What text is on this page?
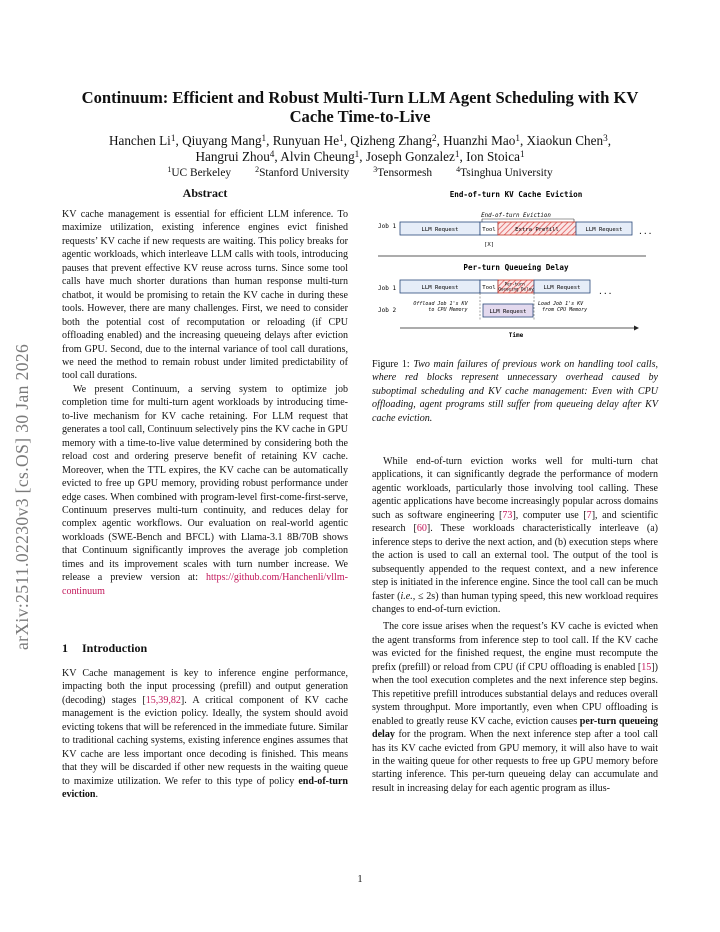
arXiv:2511.02230v3 [cs.OS] 30 Jan 2026
Continuum: Efficient and Robust Multi-Turn LLM Agent Scheduling with KV Cache Time-to-Live
Hanchen Li$^1$, Qiuyang Mang$^1$, Runyuan He$^1$, Qizheng Zhang$^2$, Huanzhi Mao$^1$, Xiaokun Chen$^3$,
Hangrui Zhou$^4$, Alvin Cheung$^1$, Joseph Gonzalez$^1$, Ion Stoica$^1$
$^1$UC Berkeley	$^2$Stanford University	$^3$Tensormesh	$^4$Tsinghua University
Abstract

KV cache management is essential for efficient LLM inference. To maximize utilization, existing inference engines evict finished requests’ KV cache if new requests are waiting. This policy breaks for agentic workloads, which interleave LLM calls with tools, introducing pauses that prevent effective KV reuse across turns. Since some tool calls have much shorter durations than human response multi-turn chatbot, it would be promising to retain the KV cache in during these tools. However, there are many challenges. First, we need to consider both the potential cost of recomputation or reloading (if CPU offloading enabled) and the increasing queueing delays after eviction from GPU. Second, due to the internal variance of tool call durations, we need the method to remain robust under limited predictability of tool call durations.

We present Continuum, a serving system to optimize job completion time for multi-turn agent workloads by introducing time-to-live mechanism for KV cache retaining. For LLM request that generates a tool call, Continuum selectively pins the KV cache in GPU memory with a time-to-live value determined by considering both the reload cost and ordering preserve benefit of retaining KV cache. Moreover, when the TTL expires, the KV cache can be automatically evicted to free up GPU memory, providing robust performance under edge cases. When combined with program-level first-come-first-serve, Continuum preserves multi-turn continuity, and reduces delay for complex agentic workflows. Our evaluation on real-world agentic workloads (SWE-Bench and BFCL) with Llama-3.1 8B/70B shows that Continuum significantly improves the average job completion times and its improvement scales with turn number increase. We release a preview version at: https://github.com/Hanchenli/vllm-continuum

1 Introduction

KV Cache management is key to inference engine performance, impacting both the input processing (prefill) and output generation (decoding) stages [15,39,82]. A critical component of KV cache management is the eviction policy. Ideally, the system should avoid evicting tokens that will be referenced in the immediate future. Similar to traditional caching systems, existing inference engines assumes that KV cache are less important once decoding is finished. This means that they will be discarded if other new requests in the waiting queue to maximize utilization. We refer to this type of policy end-of-turn eviction.

End-of-turn KV Cache Eviction
End-of-turn Eviction
Job 1	LLM Request	Tool	Extra Prefill	LLM Request ...
[X]
Per-turn Queueing Delay
Job 1	LLM Request	Tool
Per-turn Queueing Delay LLM Request ...
Job 2
Offload Job 1's KV to CPU Memory	LLM Request
Load Job 1's KV from CPU Memory
Time
Figure 1: Two main failures of previous work on handling tool calls, where red blocks represent unnecessary overhead caused by suboptimal scheduling and KV cache management: Even with CPU offloading, agent programs still suffer from queueing delay after KV cache eviction.

While end-of-turn eviction works well for multi-turn chat applications, it can significantly degrade the performance of modern agentic workloads, particularly those involving tool calling. These agentic applications have become increasingly popular across domains such as software engineering [73], computer use [7], and scientific research [60]. These workloads characteristically interleave (a) inference steps to derive the next action, and (b) execution steps where the action is used to call an external tool. The output of the tool is subsequently appended to the request context, and a new inference step is initiated in the inference engine. Since the tool call can be much faster (i.e., ≤ 2s) than human typing speed, this new workload requires changes to end-of-turn eviction.

The core issue arises when the request’s KV cache is evicted when the agent transforms from inference step to tool call. If the KV cache was evicted for the finished request, the engine must recompute the prefix (prefill) or reload from CPU (if CPU offloading is enabled [15]) when the tool execution completes and the next inference step begins. This repetitive prefill introduces substantial delays and reduces overall system throughput. More importantly, even when CPU offloading is enabled to greatly reuse KV cache, eviction causes per-turn queueing delay for the program. When the next inference step after a tool call has its KV cache evicted from GPU memory, it will also have to wait in the waiting queue for other requests to free up GPU memory before starting inference. This per-turn queueing delay can accumulate and result in increasing delay for each agentic program as illus-

1
